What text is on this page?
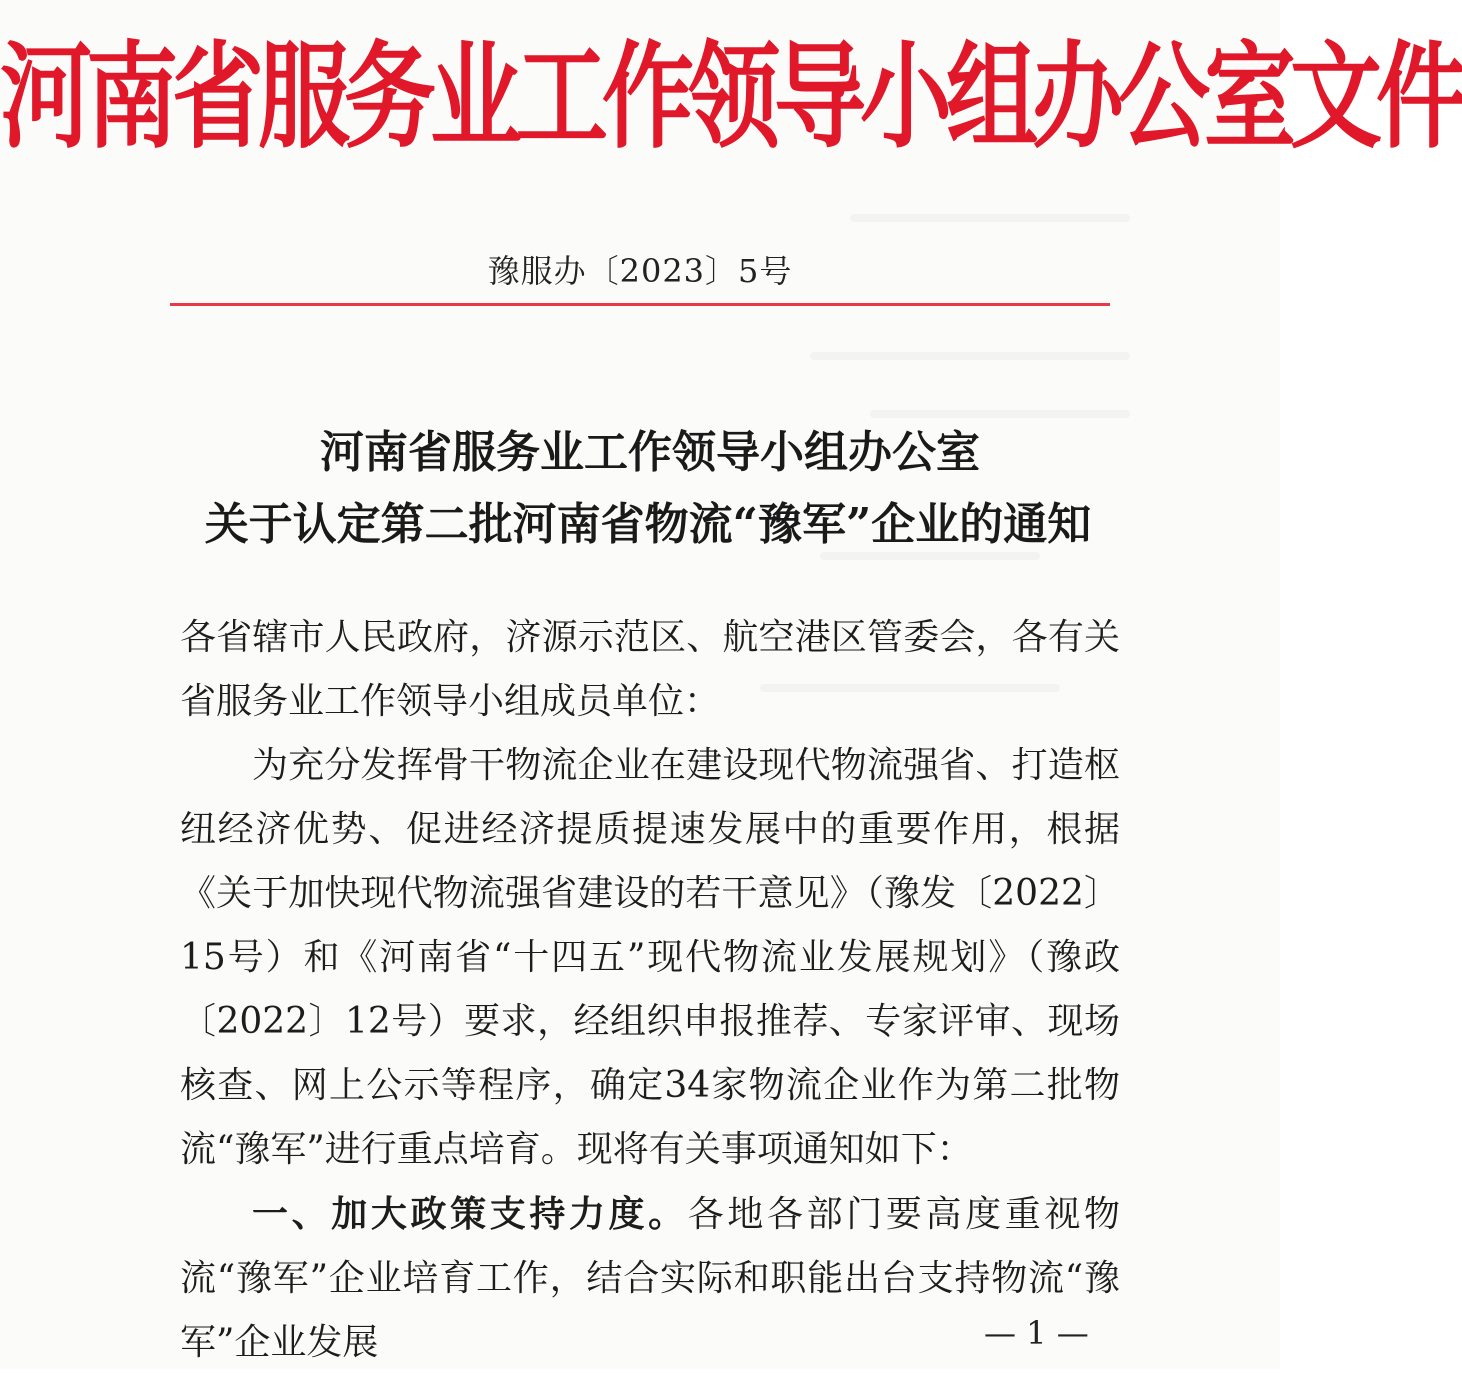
河南省服务业工作领导小组办公室文件
豫服办〔2023〕5号
河南省服务业工作领导小组办公室
关于认定第二批河南省物流“豫军”企业的通知
各省辖市人民政府，济源示范区、航空港区管委会，各有关省服务业工作领导小组成员单位：
为充分发挥骨干物流企业在建设现代物流强省、打造枢纽经济优势、促进经济提质提速发展中的重要作用，根据《关于加快现代物流强省建设的若干意见》（豫发〔2022〕15号）和《河南省“十四五”现代物流业发展规划》（豫政〔2022〕12号）要求，经组织申报推荐、专家评审、现场核查、网上公示等程序，确定34家物流企业作为第二批物流“豫军”进行重点培育。现将有关事项通知如下：
一、加大政策支持力度。各地各部门要高度重视物流“豫军”企业培育工作，结合实际和职能出台支持物流“豫军”企业发展	— 1 —
